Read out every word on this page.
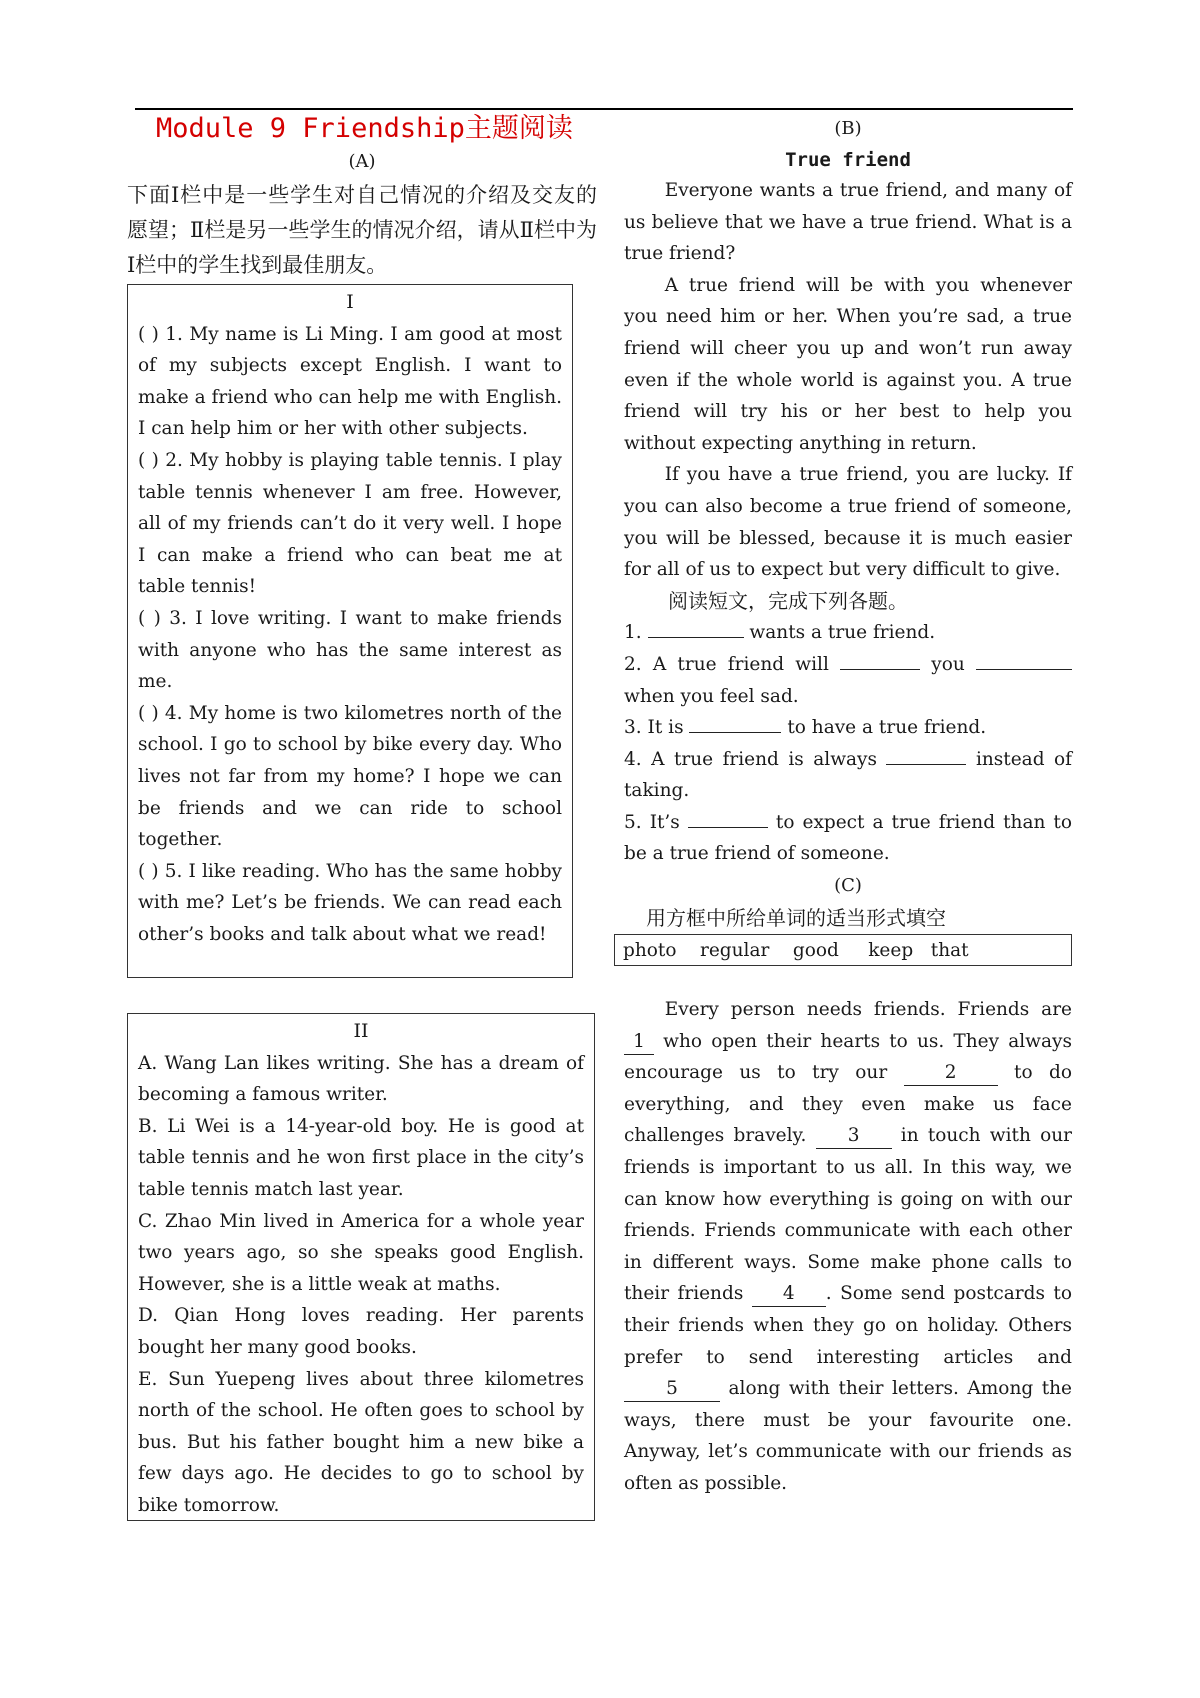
Module 9 Friendship主题阅读
(A)
下面Ⅰ栏中是一些学生对自己情况的介绍及交友的愿望；Ⅱ栏是另一些学生的情况介绍，请从Ⅱ栏中为Ⅰ栏中的学生找到最佳朋友。
I

( ) 1. My name is Li Ming. I am good at most of my subjects except English. I want to make a friend who can help me with English. I can help him or her with other subjects.

( ) 2. My hobby is playing table tennis. I play table tennis whenever I am free. However, all of my friends can’t do it very well. I hope I can make a friend who can beat me at table tennis!

( ) 3. I love writing. I want to make friends with anyone who has the same interest as me.

( ) 4. My home is two kilometres north of the school. I go to school by bike every day. Who lives not far from my home? I hope we can be friends and we can ride to school together.

( ) 5. I like reading. Who has the same hobby with me? Let’s be friends. We can read each other’s books and talk about what we read!

II

A. Wang Lan likes writing. She has a dream of becoming a famous writer.

B. Li Wei is a 14-year-old boy. He is good at table tennis and he won first place in the city’s table tennis match last year.

C. Zhao Min lived in America for a whole year two years ago, so she speaks good English. However, she is a little weak at maths.

D. Qian Hong loves reading. Her parents bought her many good books.

E. Sun Yuepeng lives about three kilometres north of the school. He often goes to school by bus. But his father bought him a new bike a few days ago. He decides to go to school by bike tomorrow.

(B)
True friend

Everyone wants a true friend, and many of us believe that we have a true friend. What is a true friend?

A true friend will be with you whenever you need him or her. When you’re sad, a true friend will cheer you up and won’t run away even if the whole world is against you. A true friend will try his or her best to help you without expecting anything in return.

If you have a true friend, you are lucky. If you can also become a true friend of someone, you will be blessed, because it is much easier for all of us to expect but very difficult to give.

阅读短文，完成下列各题。

1.	wants a true friend.

2. A true friend will	you  when you feel sad.

3. It is	to have a true friend.

4. A true friend is always	instead of taking.

5. It’s	to expect a true friend than to be a true friend of someone.

(C)
用方框中所给单词的适当形式填空
photo    regular    good     keep   that

Every person needs friends. Friends are 1 who open their hearts to us. They always encourage us to try our 2 to do everything, and they even make us face challenges bravely. 3 in touch with our friends is important to us all. In this way, we can know how everything is going on with our friends. Friends communicate with each other in different ways. Some make phone calls to their friends 4 . Some send postcards to their friends when they go on holiday. Others prefer to send interesting articles and 5 along with their letters. Among the ways, there must be your favourite one. Anyway, let’s communicate with our friends as often as possible.
